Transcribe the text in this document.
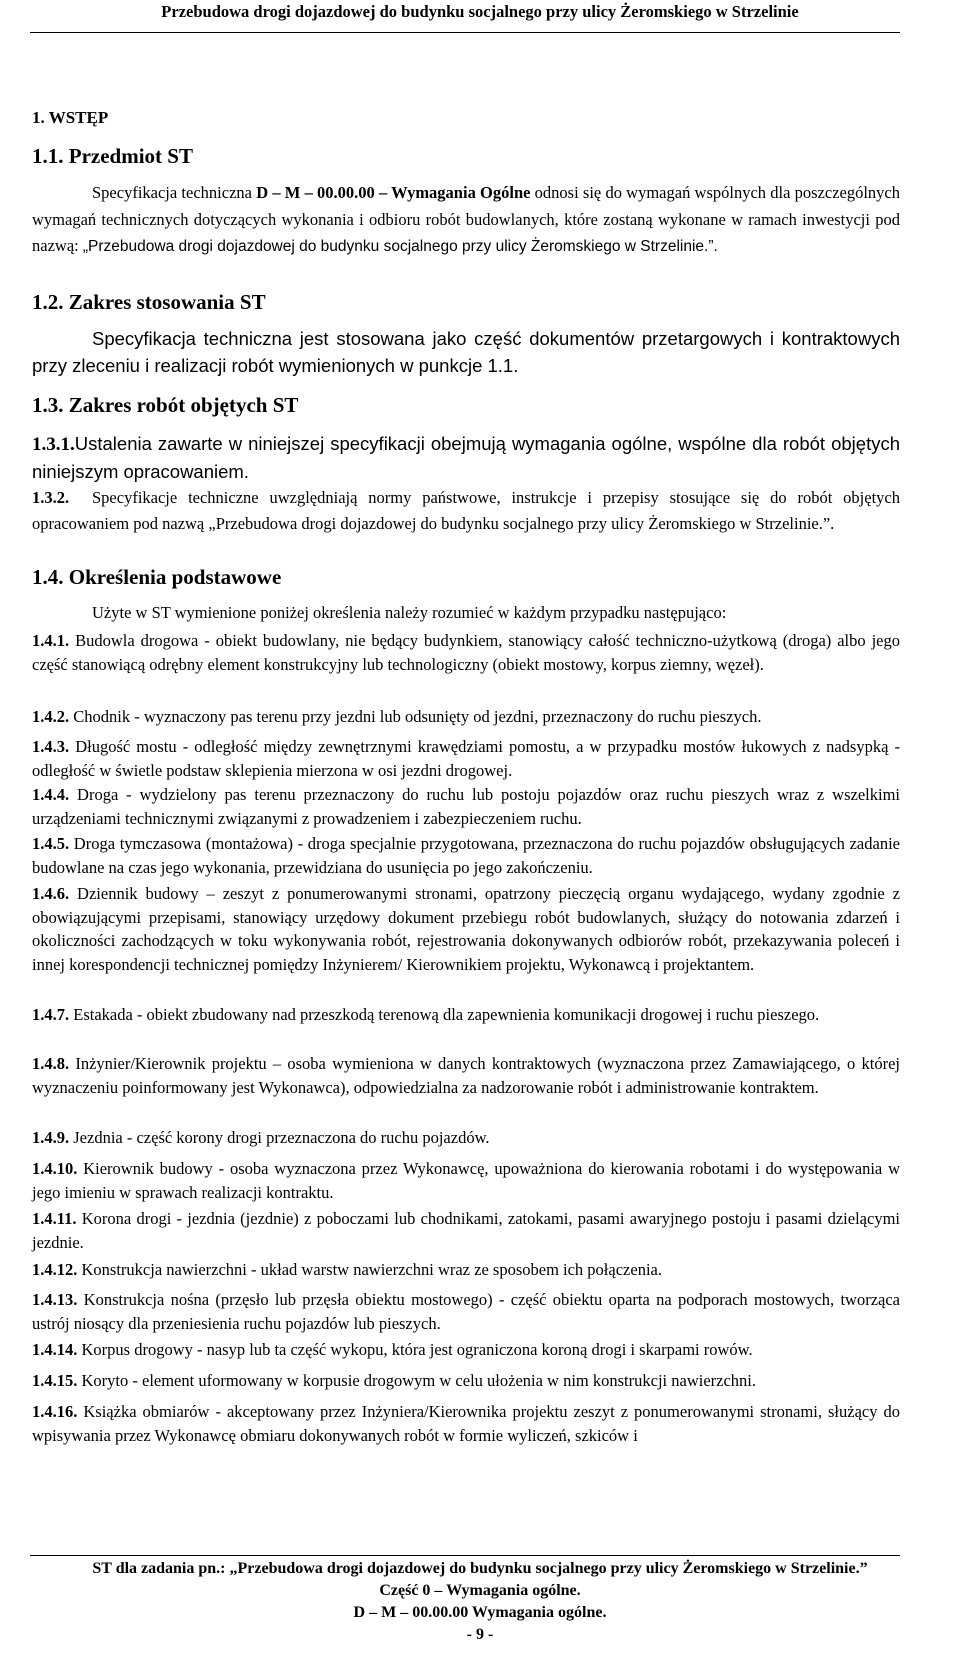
Przebudowa drogi dojazdowej do budynku socjalnego przy ulicy Żeromskiego w Strzelinie
1. WSTĘP
1.1. Przedmiot ST
Specyfikacja techniczna D – M – 00.00.00 – Wymagania Ogólne odnosi się do wymagań wspólnych dla poszczególnych wymagań technicznych dotyczących wykonania i odbioru robót budowlanych, które zostaną wykonane w ramach inwestycji pod nazwą: „Przebudowa drogi dojazdowej do budynku socjalnego przy ulicy Żeromskiego w Strzelinie.”.
1.2. Zakres stosowania ST
Specyfikacja techniczna jest stosowana jako część dokumentów przetargowych i kontraktowych przy zleceniu i realizacji robót wymienionych w punkcje 1.1.
1.3. Zakres robót objętych ST
1.3.1.Ustalenia zawarte w niniejszej specyfikacji obejmują wymagania ogólne, wspólne dla robót objętych niniejszym opracowaniem.
1.3.2. Specyfikacje techniczne uwzględniają normy państwowe, instrukcje i przepisy stosujące się do robót objętych opracowaniem pod nazwą „Przebudowa drogi dojazdowej do budynku socjalnego przy ulicy Żeromskiego w Strzelinie.”.
1.4. Określenia podstawowe
Użyte w ST wymienione poniżej określenia należy rozumieć w każdym przypadku następująco:
1.4.1. Budowla drogowa - obiekt budowlany, nie będący budynkiem, stanowiący całość techniczno-użytkową (droga) albo jego część stanowiącą odrębny element konstrukcyjny lub technologiczny (obiekt mostowy, korpus ziemny, węzeł).
1.4.2. Chodnik - wyznaczony pas terenu przy jezdni lub odsunięty od jezdni, przeznaczony do ruchu pieszych.
1.4.3. Długość mostu - odległość między zewnętrznymi krawędziami pomostu, a w przypadku mostów łukowych z nadsypką - odległość w świetle podstaw sklepienia mierzona w osi jezdni drogowej.
1.4.4. Droga - wydzielony pas terenu przeznaczony do ruchu lub postoju pojazdów oraz ruchu pieszych wraz z wszelkimi urządzeniami technicznymi związanymi z prowadzeniem i zabezpieczeniem ruchu.
1.4.5. Droga tymczasowa (montażowa) - droga specjalnie przygotowana, przeznaczona do ruchu pojazdów obsługujących zadanie budowlane na czas jego wykonania, przewidziana do usunięcia po jego zakończeniu.
1.4.6. Dziennik budowy – zeszyt z ponumerowanymi stronami, opatrzony pieczęcią organu wydającego, wydany zgodnie z obowiązującymi przepisami, stanowiący urzędowy dokument przebiegu robót budowlanych, służący do notowania zdarzeń i okoliczności zachodzących w toku wykonywania robót, rejestrowania dokonywanych odbiorów robót, przekazywania poleceń i innej korespondencji technicznej pomiędzy Inżynierem/ Kierownikiem projektu, Wykonawcą i projektantem.
1.4.7. Estakada - obiekt zbudowany nad przeszkodą terenową dla zapewnienia komunikacji drogowej i ruchu pieszego.
1.4.8. Inżynier/Kierownik projektu – osoba wymieniona w danych kontraktowych (wyznaczona przez Zamawiającego, o której wyznaczeniu poinformowany jest Wykonawca), odpowiedzialna za nadzorowanie robót i administrowanie kontraktem.
1.4.9. Jezdnia - część korony drogi przeznaczona do ruchu pojazdów.
1.4.10. Kierownik budowy - osoba wyznaczona przez Wykonawcę, upoważniona do kierowania robotami i do występowania w jego imieniu w sprawach realizacji kontraktu.
1.4.11. Korona drogi - jezdnia (jezdnie) z poboczami lub chodnikami, zatokami, pasami awaryjnego postoju i pasami dzielącymi jezdnie.
1.4.12. Konstrukcja nawierzchni - układ warstw nawierzchni wraz ze sposobem ich połączenia.
1.4.13. Konstrukcja nośna (przęsło lub przęsła obiektu mostowego) - część obiektu oparta na podporach mostowych, tworząca ustrój niosący dla przeniesienia ruchu pojazdów lub pieszych.
1.4.14. Korpus drogowy - nasyp lub ta część wykopu, która jest ograniczona koroną drogi i skarpami rowów.
1.4.15. Koryto - element uformowany w korpusie drogowym w celu ułożenia w nim konstrukcji nawierzchni.
1.4.16. Książka obmiarów - akceptowany przez Inżyniera/Kierownika projektu zeszyt z ponumerowanymi stronami, służący do wpisywania przez Wykonawcę obmiaru dokonywanych robót w formie wyliczeń, szkiców i
ST dla zadania pn.: „Przebudowa drogi dojazdowej do budynku socjalnego przy ulicy Żeromskiego w Strzelinie.”
Część 0 – Wymagania ogólne.
D – M – 00.00.00 Wymagania ogólne.
- 9 -
